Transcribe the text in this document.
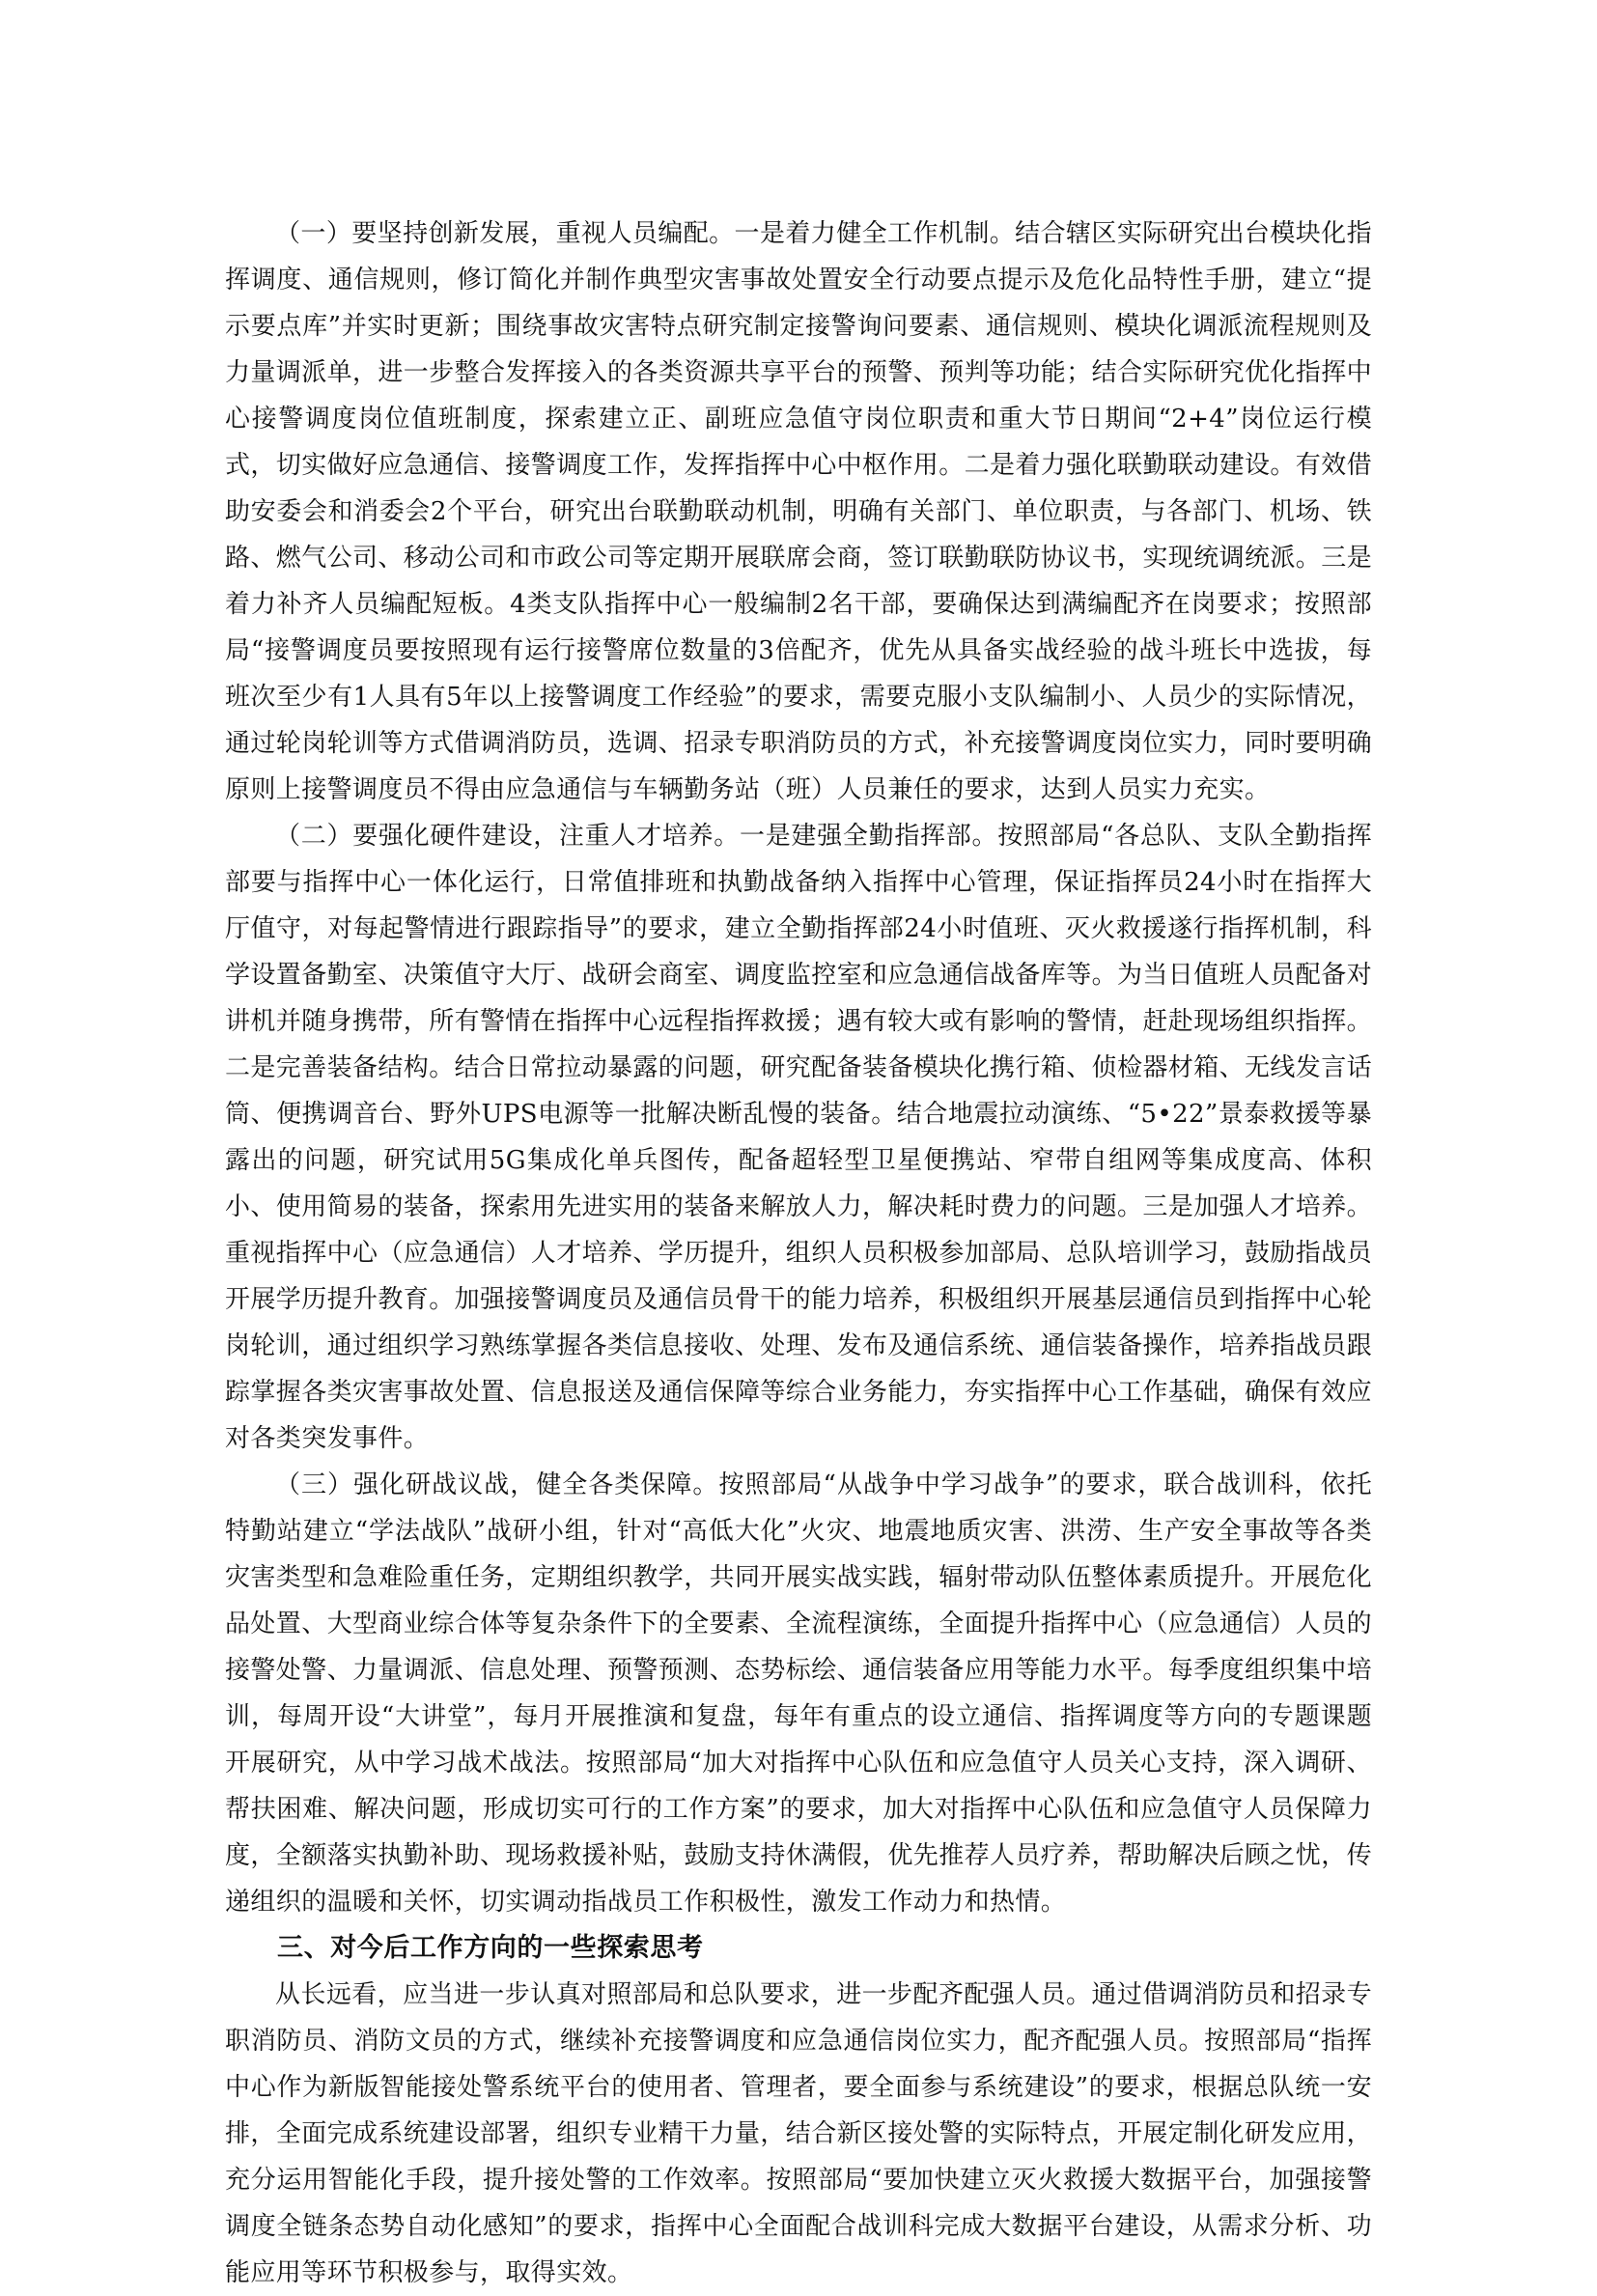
（一）要坚持创新发展，重视人员编配。一是着力健全工作机制。结合辖区实际研究出台模块化指挥调度、通信规则，修订简化并制作典型灾害事故处置安全行动要点提示及危化品特性手册，建立“提示要点库”并实时更新；围绕事故灾害特点研究制定接警询问要素、通信规则、模块化调派流程规则及力量调派单，进一步整合发挥接入的各类资源共享平台的预警、预判等功能；结合实际研究优化指挥中心接警调度岗位值班制度，探索建立正、副班应急值守岗位职责和重大节日期间“2+4”岗位运行模式，切实做好应急通信、接警调度工作，发挥指挥中心中枢作用。二是着力强化联勤联动建设。有效借助安委会和消委会2个平台，研究出台联勤联动机制，明确有关部门、单位职责，与各部门、机场、铁路、燃气公司、移动公司和市政公司等定期开展联席会商，签订联勤联防协议书，实现统调统派。三是着力补齐人员编配短板。4类支队指挥中心一般编制2名干部，要确保达到满编配齐在岗要求；按照部局“接警调度员要按照现有运行接警席位数量的3倍配齐，优先从具备实战经验的战斗班长中选拔，每班次至少有1人具有5年以上接警调度工作经验”的要求，需要克服小支队编制小、人员少的实际情况，通过轮岗轮训等方式借调消防员，选调、招录专职消防员的方式，补充接警调度岗位实力，同时要明确原则上接警调度员不得由应急通信与车辆勤务站（班）人员兼任的要求，达到人员实力充实。

（二）要强化硬件建设，注重人才培养。一是建强全勤指挥部。按照部局“各总队、支队全勤指挥部要与指挥中心一体化运行，日常值排班和执勤战备纳入指挥中心管理，保证指挥员24小时在指挥大厅值守，对每起警情进行跟踪指导”的要求，建立全勤指挥部24小时值班、灭火救援遂行指挥机制，科学设置备勤室、决策值守大厅、战研会商室、调度监控室和应急通信战备库等。为当日值班人员配备对讲机并随身携带，所有警情在指挥中心远程指挥救援；遇有较大或有影响的警情，赶赴现场组织指挥。二是完善装备结构。结合日常拉动暴露的问题，研究配备装备模块化携行箱、侦检器材箱、无线发言话筒、便携调音台、野外UPS电源等一批解决断乱慢的装备。结合地震拉动演练、“5•22”景泰救援等暴露出的问题，研究试用5G集成化单兵图传，配备超轻型卫星便携站、窄带自组网等集成度高、体积小、使用简易的装备，探索用先进实用的装备来解放人力，解决耗时费力的问题。三是加强人才培养。重视指挥中心（应急通信）人才培养、学历提升，组织人员积极参加部局、总队培训学习，鼓励指战员开展学历提升教育。加强接警调度员及通信员骨干的能力培养，积极组织开展基层通信员到指挥中心轮岗轮训，通过组织学习熟练掌握各类信息接收、处理、发布及通信系统、通信装备操作，培养指战员跟踪掌握各类灾害事故处置、信息报送及通信保障等综合业务能力，夯实指挥中心工作基础，确保有效应对各类突发事件。

（三）强化研战议战，健全各类保障。按照部局“从战争中学习战争”的要求，联合战训科，依托特勤站建立“学法战队”战研小组，针对“高低大化”火灾、地震地质灾害、洪涝、生产安全事故等各类灾害类型和急难险重任务，定期组织教学，共同开展实战实践，辐射带动队伍整体素质提升。开展危化品处置、大型商业综合体等复杂条件下的全要素、全流程演练，全面提升指挥中心（应急通信）人员的接警处警、力量调派、信息处理、预警预测、态势标绘、通信装备应用等能力水平。每季度组织集中培训，每周开设“大讲堂”，每月开展推演和复盘，每年有重点的设立通信、指挥调度等方向的专题课题开展研究，从中学习战术战法。按照部局“加大对指挥中心队伍和应急值守人员关心支持，深入调研、帮扶困难、解决问题，形成切实可行的工作方案”的要求，加大对指挥中心队伍和应急值守人员保障力度，全额落实执勤补助、现场救援补贴，鼓励支持休满假，优先推荐人员疗养，帮助解决后顾之忧，传递组织的温暖和关怀，切实调动指战员工作积极性，激发工作动力和热情。

三、对今后工作方向的一些探索思考

从长远看，应当进一步认真对照部局和总队要求，进一步配齐配强人员。通过借调消防员和招录专职消防员、消防文员的方式，继续补充接警调度和应急通信岗位实力，配齐配强人员。按照部局“指挥中心作为新版智能接处警系统平台的使用者、管理者，要全面参与系统建设”的要求，根据总队统一安排，全面完成系统建设部署，组织专业精干力量，结合新区接处警的实际特点，开展定制化研发应用，充分运用智能化手段，提升接处警的工作效率。按照部局“要加快建立灭火救援大数据平台，加强接警调度全链条态势自动化感知”的要求，指挥中心全面配合战训科完成大数据平台建设，从需求分析、功能应用等环节积极参与，取得实效。
